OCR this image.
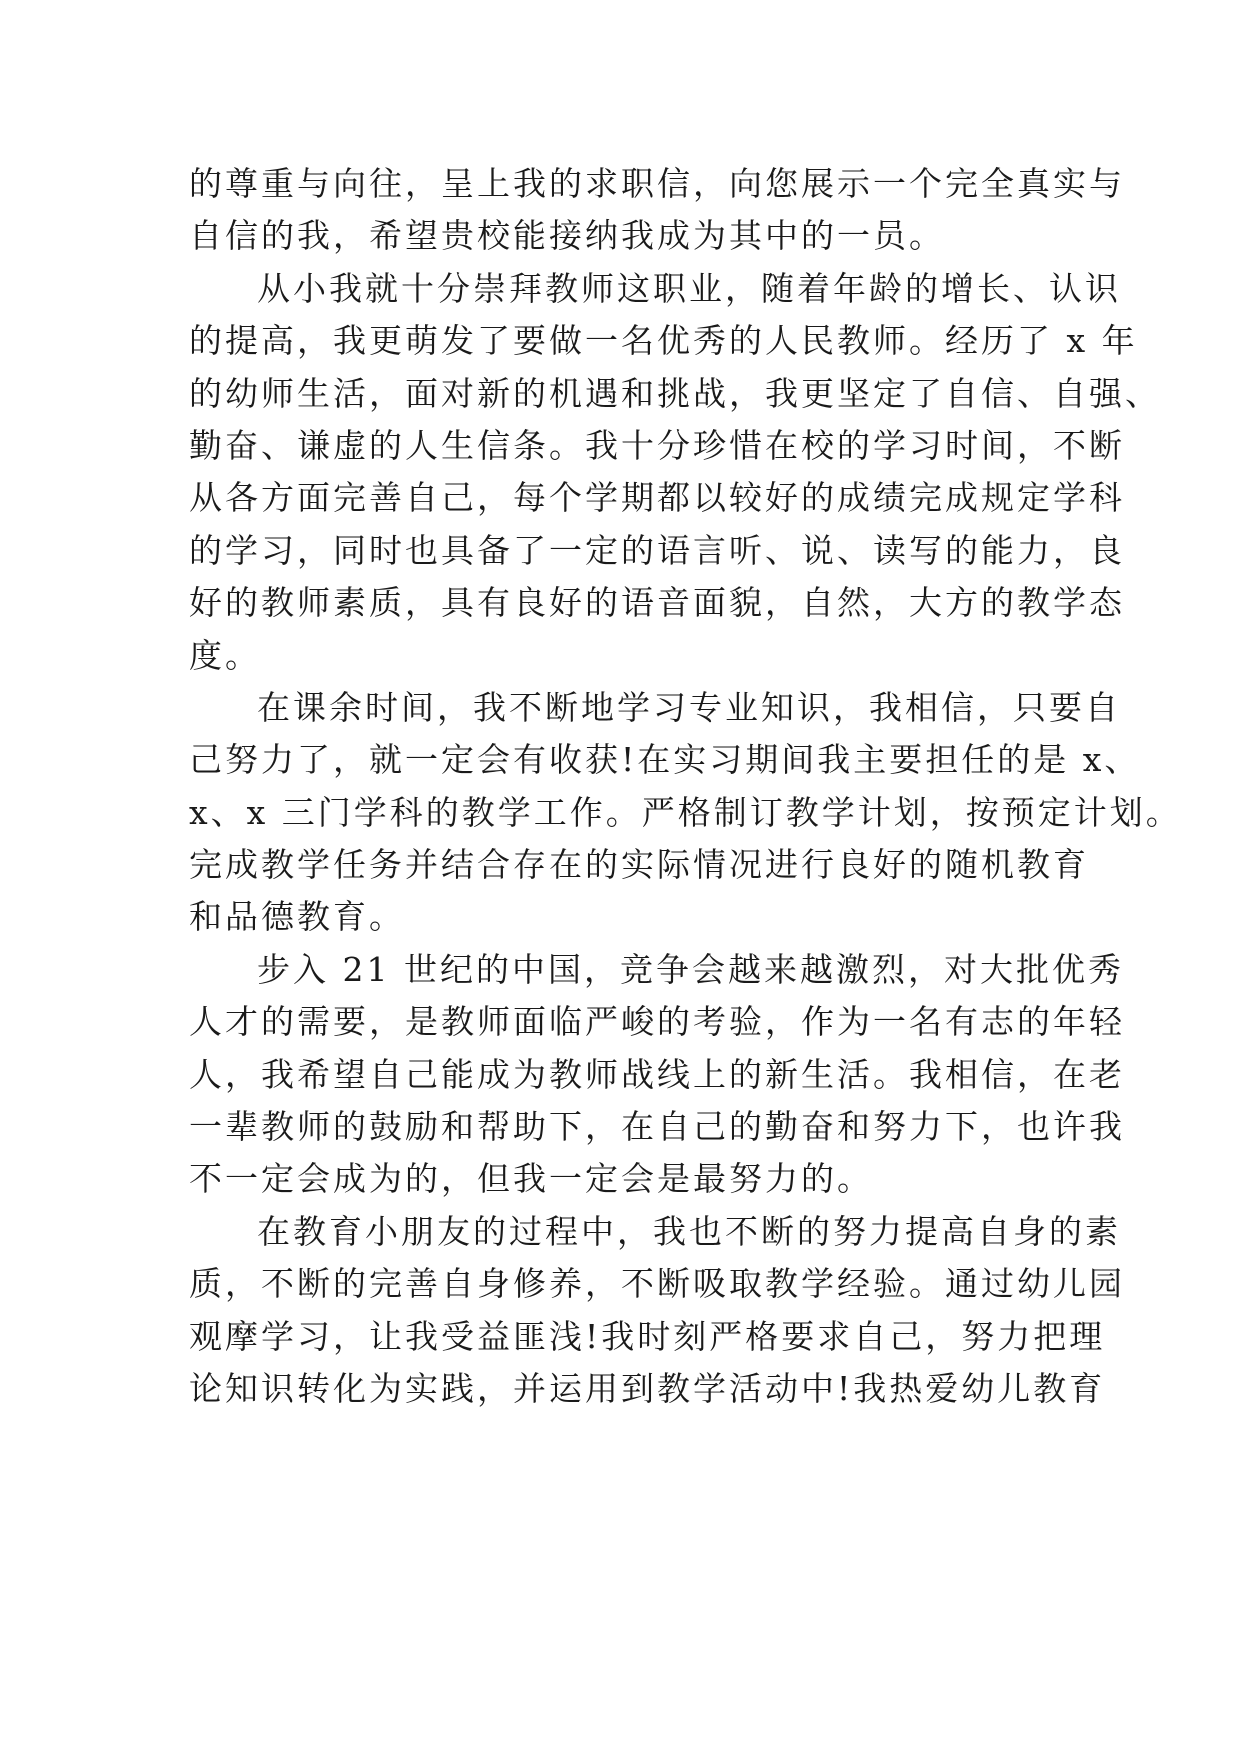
的尊重与向往，呈上我的求职信，向您展示一个完全真实与
自信的我，希望贵校能接纳我成为其中的一员。
从小我就十分崇拜教师这职业，随着年龄的增长、认识
的提高，我更萌发了要做一名优秀的人民教师。经历了 x 年
的幼师生活，面对新的机遇和挑战，我更坚定了自信、自强、
勤奋、谦虚的人生信条。我十分珍惜在校的学习时间，不断
从各方面完善自己，每个学期都以较好的成绩完成规定学科
的学习，同时也具备了一定的语言听、说、读写的能力，良
好的教师素质，具有良好的语音面貌，自然，大方的教学态
度。
在课余时间，我不断地学习专业知识，我相信，只要自
己努力了，就一定会有收获!在实习期间我主要担任的是 x、
x、x 三门学科的教学工作。严格制订教学计划，按预定计划。
完成教学任务并结合存在的实际情况进行良好的随机教育
和品德教育。
步入 21 世纪的中国，竞争会越来越激烈，对大批优秀
人才的需要，是教师面临严峻的考验，作为一名有志的年轻
人，我希望自己能成为教师战线上的新生活。我相信，在老
一辈教师的鼓励和帮助下，在自己的勤奋和努力下，也许我
不一定会成为的，但我一定会是最努力的。
在教育小朋友的过程中，我也不断的努力提高自身的素
质，不断的完善自身修养，不断吸取教学经验。通过幼儿园
观摩学习，让我受益匪浅!我时刻严格要求自己，努力把理
论知识转化为实践，并运用到教学活动中!我热爱幼儿教育
